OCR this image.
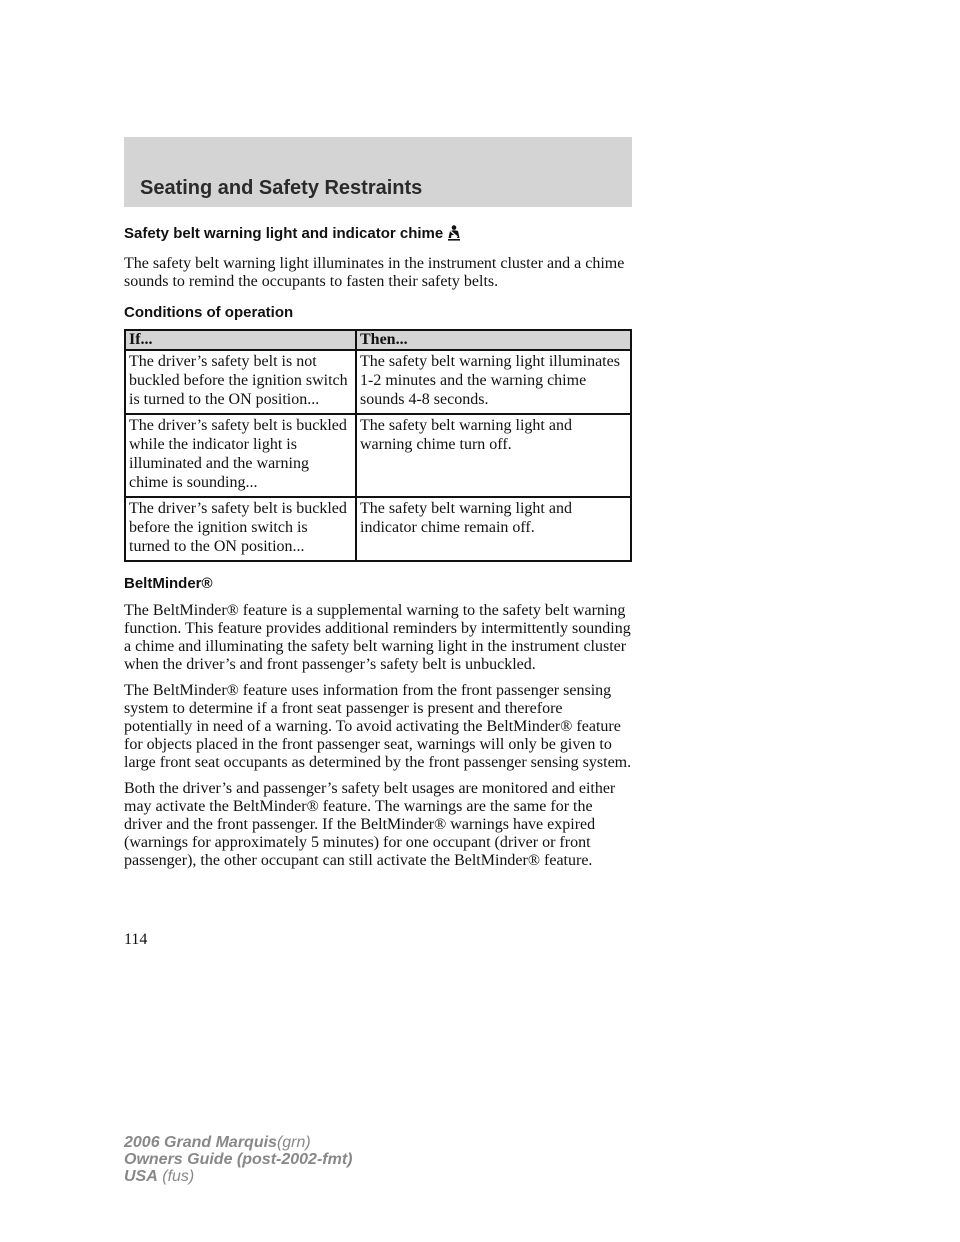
Seating and Safety Restraints
Safety belt warning light and indicator chime

The safety belt warning light illuminates in the instrument cluster and a chime sounds to remind the occupants to fasten their safety belts.

Conditions of operation
If...	Then...
The driver’s safety belt is not buckled before the ignition switch is turned to the ON position...	The safety belt warning light illuminates 1-2 minutes and the warning chime sounds 4-8 seconds.
The driver’s safety belt is buckled while the indicator light is illuminated and the warning chime is sounding...	The safety belt warning light and warning chime turn off.
The driver’s safety belt is buckled before the ignition switch is turned to the ON position...	The safety belt warning light and indicator chime remain off.
BeltMinder®

The BeltMinder® feature is a supplemental warning to the safety belt warning function. This feature provides additional reminders by intermittently sounding a chime and illuminating the safety belt warning light in the instrument cluster when the driver’s and front passenger’s safety belt is unbuckled.

The BeltMinder® feature uses information from the front passenger sensing system to determine if a front seat passenger is present and therefore potentially in need of a warning. To avoid activating the BeltMinder® feature for objects placed in the front passenger seat, warnings will only be given to large front seat occupants as determined by the front passenger sensing system.

Both the driver’s and passenger’s safety belt usages are monitored and either may activate the BeltMinder® feature. The warnings are the same for the driver and the front passenger. If the BeltMinder® warnings have expired (warnings for approximately 5 minutes) for one occupant (driver or front passenger), the other occupant can still activate the BeltMinder® feature.

114
2006 Grand Marquis(grn)
Owners Guide (post-2002-fmt)
USA (fus)
